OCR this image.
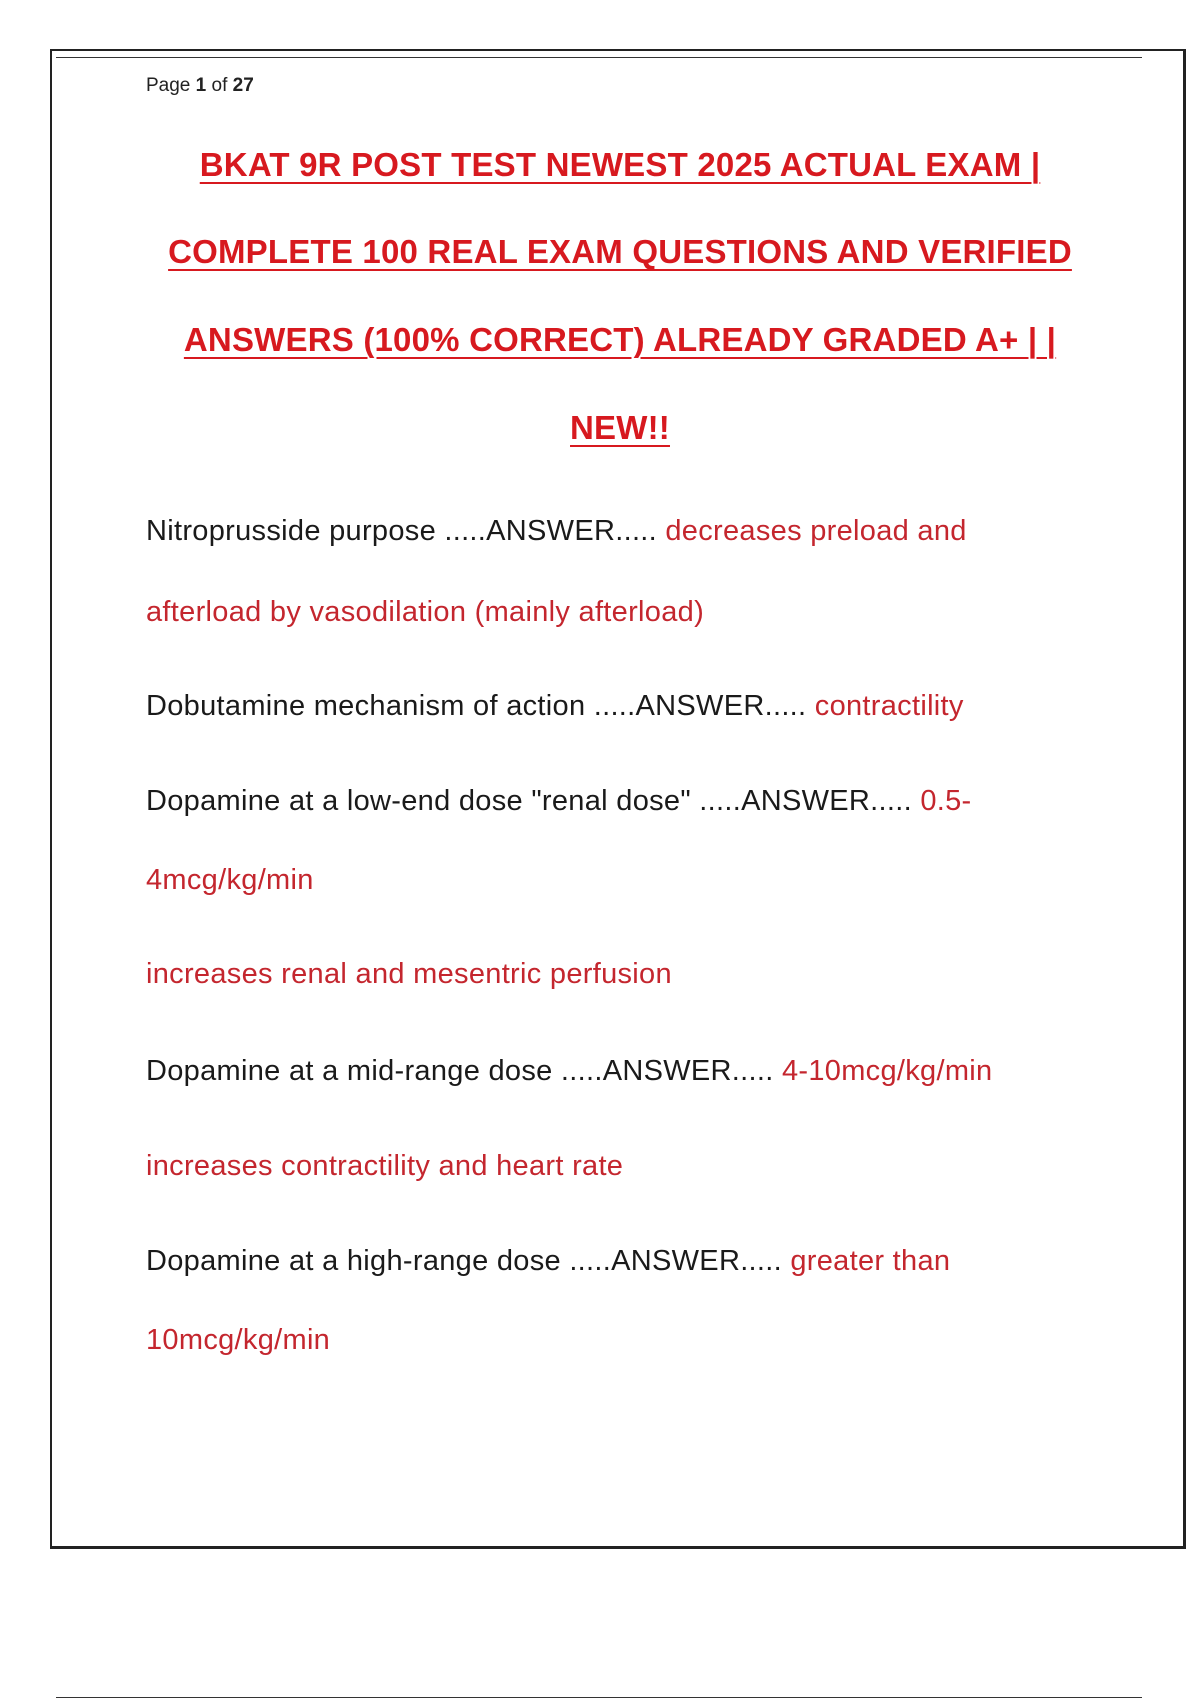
Page 1 of 27
BKAT 9R POST TEST NEWEST 2025 ACTUAL EXAM |
COMPLETE 100 REAL EXAM QUESTIONS AND VERIFIED
ANSWERS (100% CORRECT) ALREADY GRADED A+ | |
NEW!!
Nitroprusside purpose .....ANSWER..... decreases preload and
afterload by vasodilation (mainly afterload)
Dobutamine mechanism of action .....ANSWER..... contractility
Dopamine at a low-end dose "renal dose" .....ANSWER..... 0.5-
4mcg/kg/min
increases renal and mesentric perfusion
Dopamine at a mid-range dose .....ANSWER..... 4-10mcg/kg/min
increases contractility and heart rate
Dopamine at a high-range dose .....ANSWER..... greater than
10mcg/kg/min
